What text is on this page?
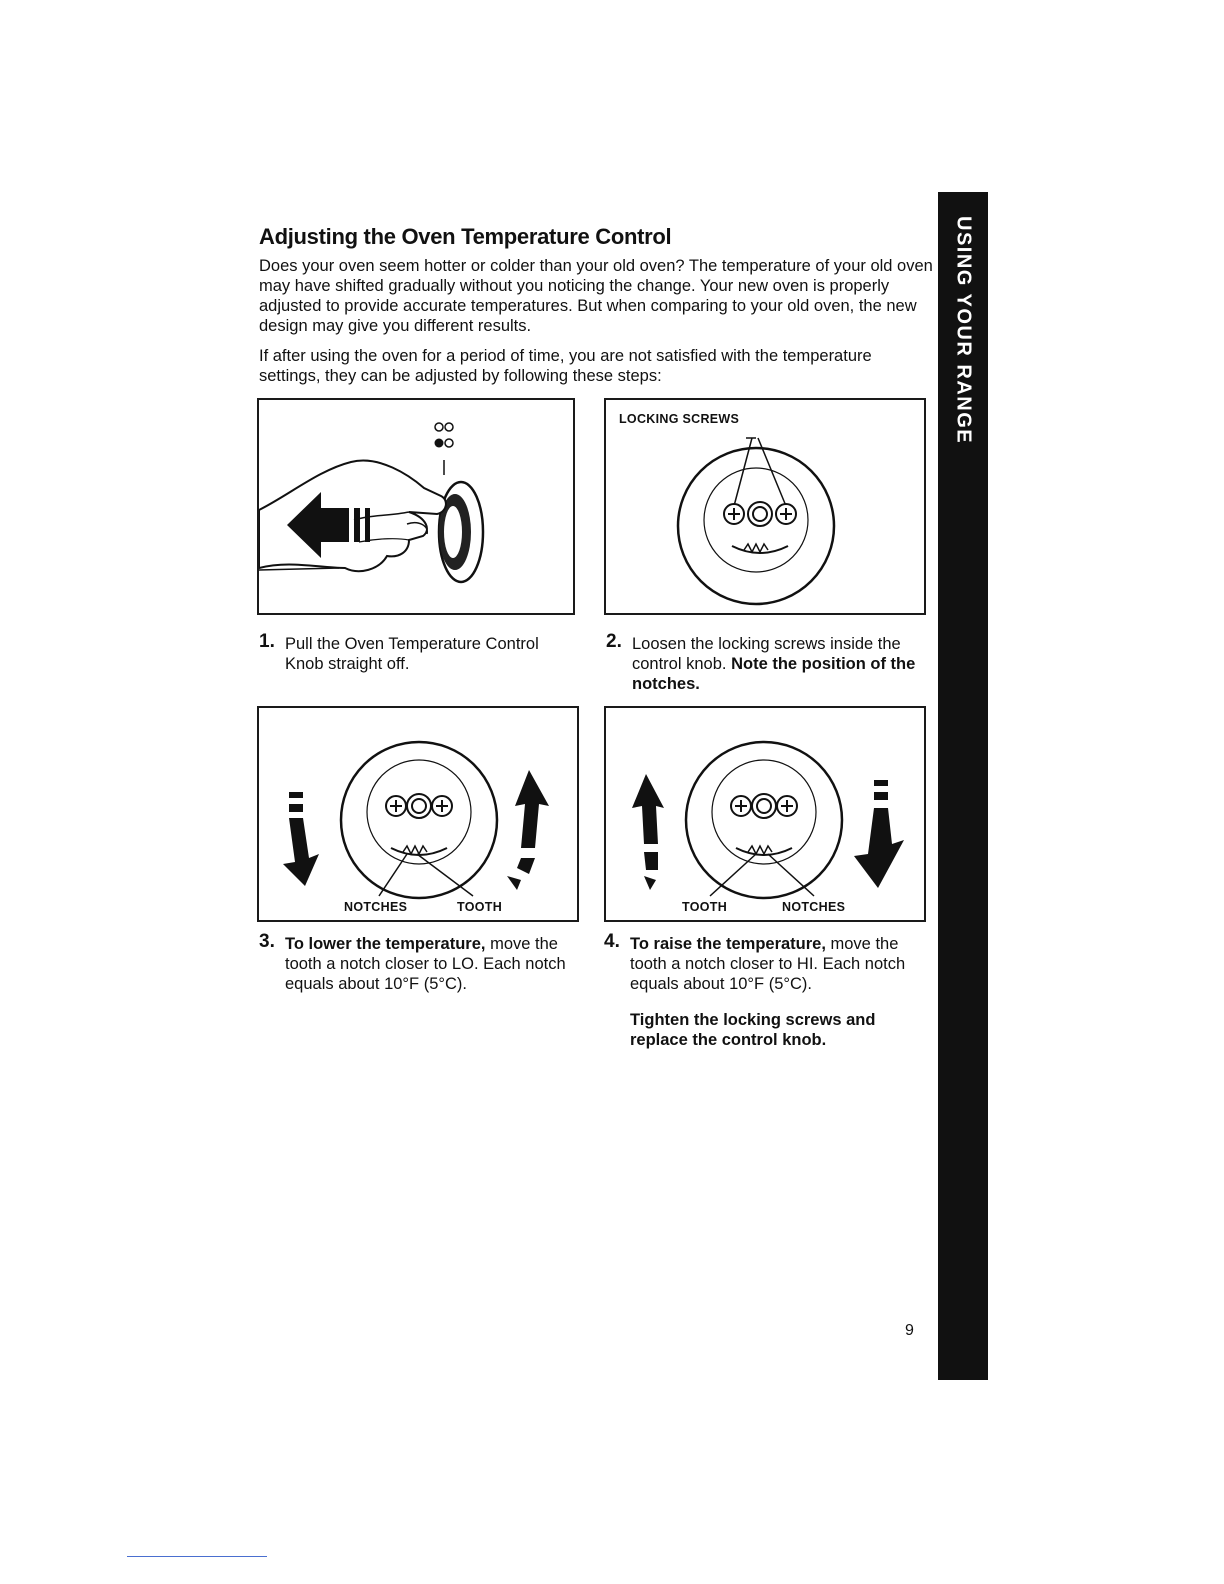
Adjusting the Oven Temperature Control

Does your oven seem hotter or colder than your old oven? The temperature of your old oven may have shifted gradually without you noticing the change. Your new oven is properly adjusted to provide accurate temperatures. But when comparing to your old oven, the new design may give you different results.

If after using the oven for a period of time, you are not satisfied with the temperature settings, they can be adjusted by following these steps:

LOCKING SCREWS
1. Pull the Oven Temperature Control Knob straight off.
2. Loosen the locking screws inside the control knob. Note the position of the notches.
NOTCHES	TOOTH	TOOTH	NOTCHES
3. To lower the temperature, move the tooth a notch closer to LO. Each notch equals about 10°F (5°C).
4. To raise the temperature, move the tooth a notch closer to HI. Each notch equals about 10°F (5°C).
Tighten the locking screws and replace the control knob.
USING YOUR RANGE
9
